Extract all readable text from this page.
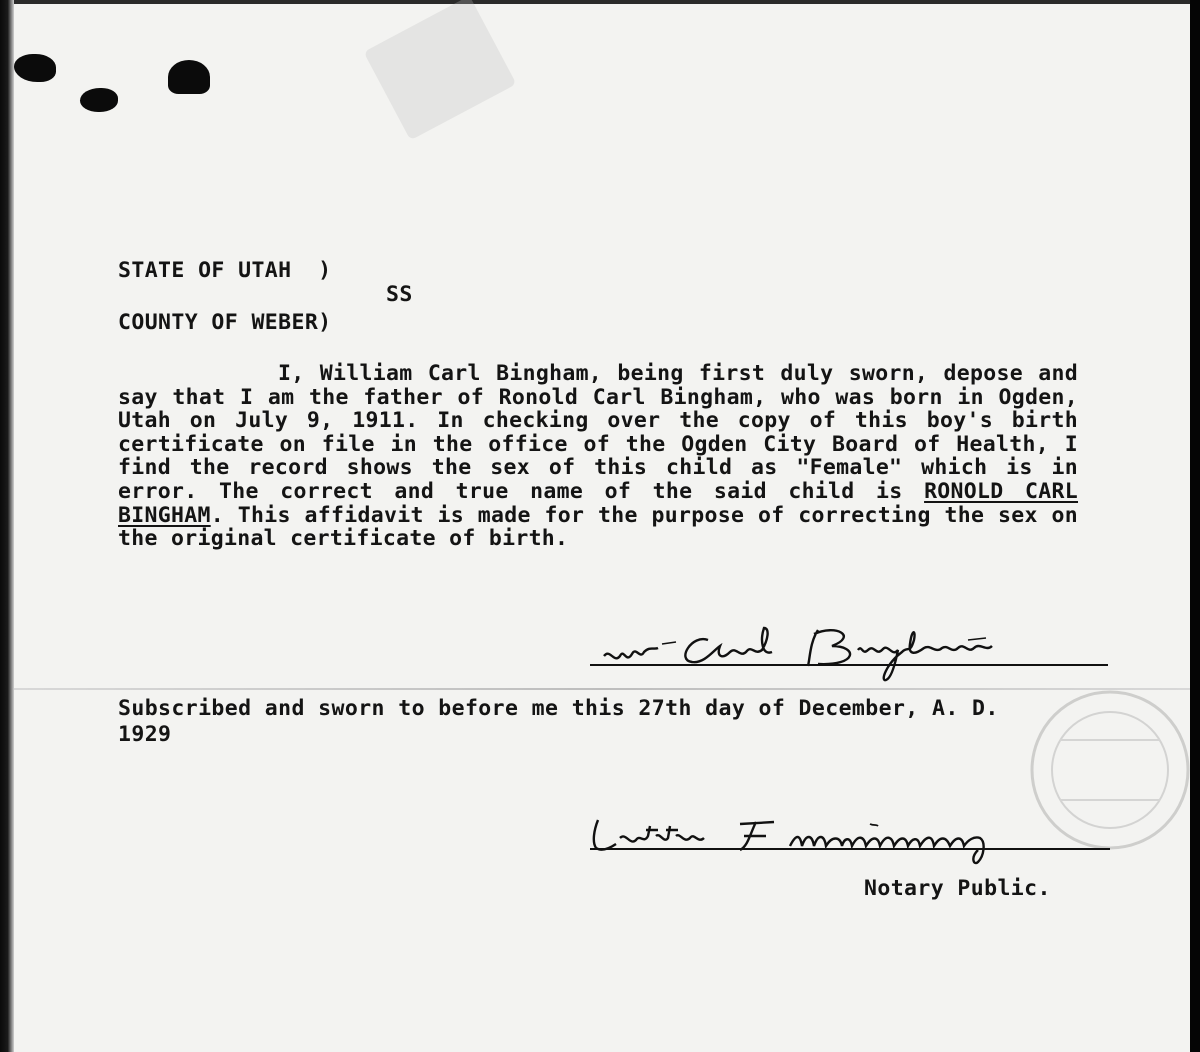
STATE OF UTAH  )
SS
COUNTY OF WEBER)
I, William Carl Bingham, being first duly sworn, depose and say that I am the father of Ronold Carl Bingham, who was born in Ogden, Utah on July 9, 1911. In checking over the copy of this boy's birth certificate on file in the office of the Ogden City Board of Health, I find the record shows the sex of this child as "Female" which is in error. The correct and true name of the said child is RONOLD CARL BINGHAM. This affidavit is made for the purpose of correcting the sex on the original certificate of birth.
Subscribed and sworn to before me this 27th day of December, A. D.
1929
Notary Public.
